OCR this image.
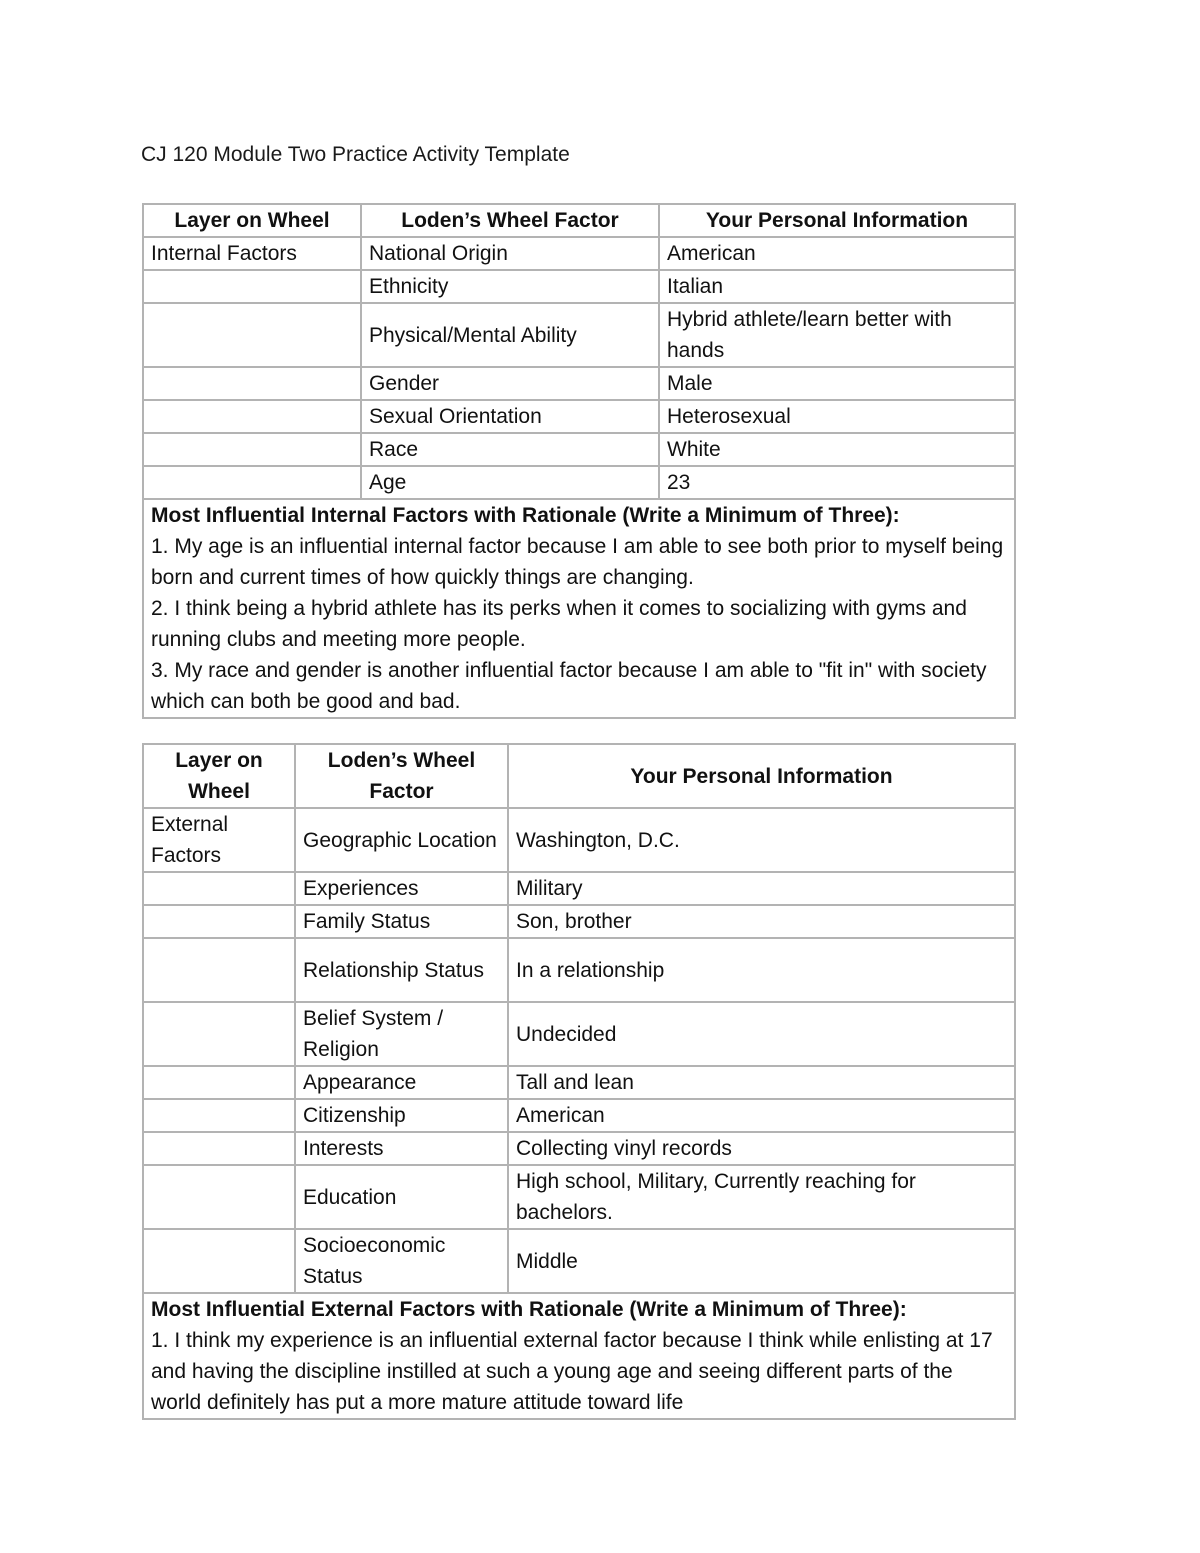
CJ 120 Module Two Practice Activity Template
Layer on Wheel	Loden’s Wheel Factor	Your Personal Information
Internal Factors	National Origin	American
	Ethnicity	Italian
	Physical/Mental Ability	Hybrid athlete/learn better with hands
	Gender	Male
	Sexual Orientation	Heterosexual
	Race	White
	Age	23

Most Influential Internal Factors with Rationale (Write a Minimum of Three):
1. My age is an influential internal factor because I am able to see both prior to myself being born and current times of how quickly things are changing.
2. I think being a hybrid athlete has its perks when it comes to socializing with gyms and running clubs and meeting more people.
3. My race and gender is another influential factor because I am able to "fit in" with society which can both be good and bad.		
Layer on Wheel	Loden’s Wheel Factor	Your Personal Information
External Factors	Geographic Location	Washington, D.C.
	Experiences	Military
	Family Status	Son, brother
	Relationship Status	In a relationship
	Belief System / Religion	Undecided
	Appearance	Tall and lean
	Citizenship	American
	Interests	Collecting vinyl records
	Education	High school, Military, Currently reaching for bachelors.
	Socioeconomic Status	Middle

Most Influential External Factors with Rationale (Write a Minimum of Three):
1. I think my experience is an influential external factor because I think while enlisting at 17 and having the discipline instilled at such a young age and seeing different parts of the world definitely has put a more mature attitude toward life		
